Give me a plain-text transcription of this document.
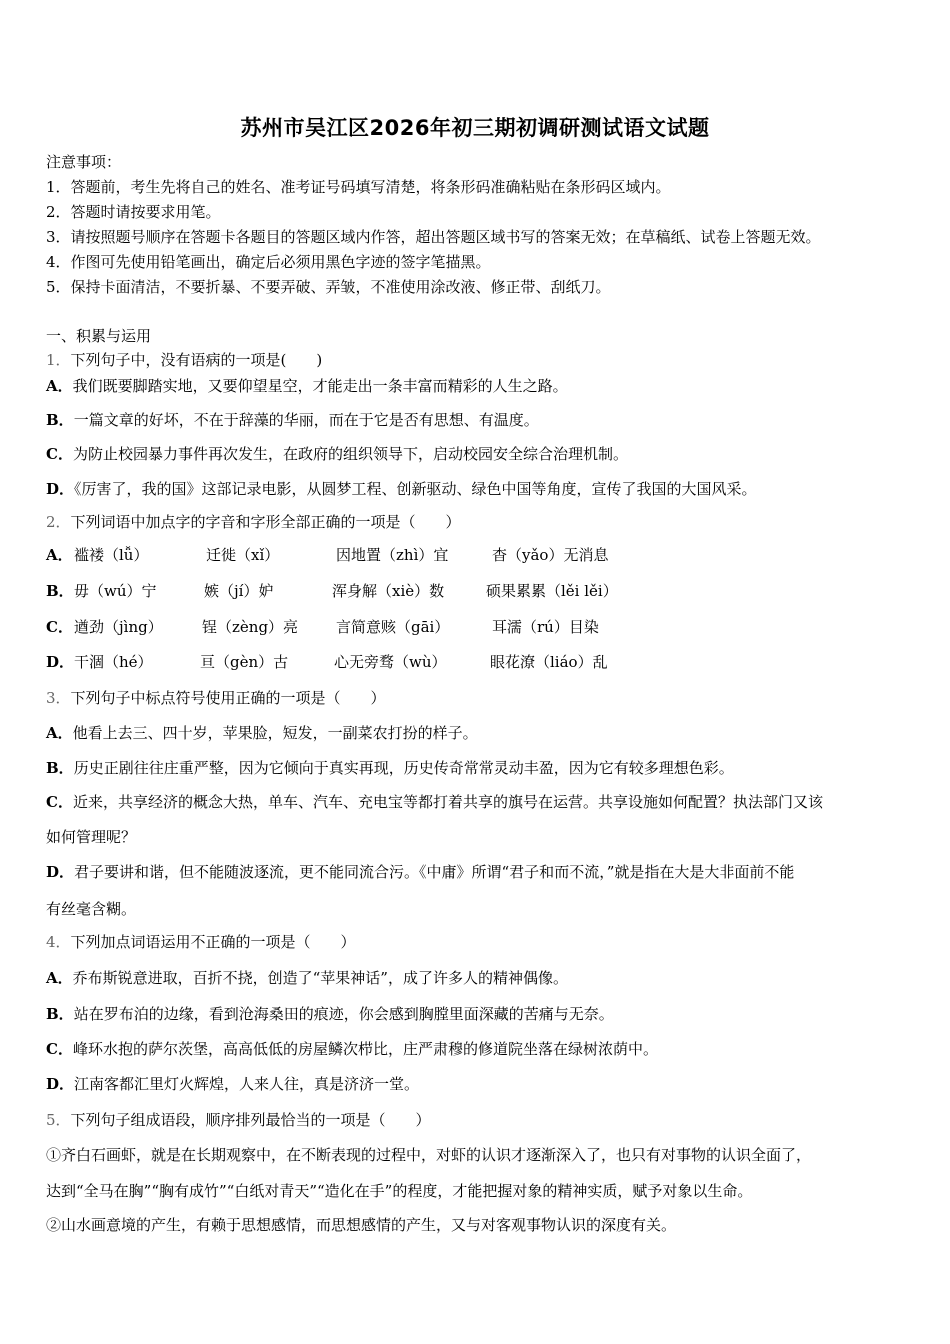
苏州市吴江区2026年初三期初调研测试语文试题
注意事项：
1．答题前，考生先将自己的姓名、准考证号码填写清楚，将条形码准确粘贴在条形码区域内。
2．答题时请按要求用笔。
3．请按照题号顺序在答题卡各题目的答题区域内作答，超出答题区域书写的答案无效；在草稿纸、试卷上答题无效。
4．作图可先使用铅笔画出，确定后必须用黑色字迹的签字笔描黑。
5．保持卡面清洁，不要折暴、不要弄破、弄皱，不准使用涂改液、修正带、刮纸刀。
一、积累与运用
1．下列句子中，没有语病的一项是(　　)
A．我们既要脚踏实地，又要仰望星空，才能走出一条丰富而精彩的人生之路。
B．一篇文章的好坏，不在于辞藻的华丽，而在于它是否有思想、有温度。
C．为防止校园暴力事件再次发生，在政府的组织领导下，启动校园安全综合治理机制。
D．《厉害了，我的国》这部记录电影，从圆梦工程、创新驱动、绿色中国等角度，宣传了我国的大国风采。
2．下列词语中加点字的字音和字形全部正确的一项是（　　）
A． 褴褛（lǚ）	迁徙（xǐ）	因地置（zhì）宜	杳（yǎo）无消息
B． 毋（wú）宁	嫉（jí）妒	浑身解（xiè）数	硕果累累（lěi lěi）
C． 遒劲（jìng）	锃（zèng）亮	言简意赅（gāi）	耳濡（rú）目染
D． 干涸（hé）	亘（gèn）古	心无旁骛（wù）	眼花潦（liáo）乱
3．下列句子中标点符号使用正确的一项是（　　）
A．他看上去三、四十岁，苹果脸，短发，一副菜农打扮的样子。
B．历史正剧往往庄重严整，因为它倾向于真实再现，历史传奇常常灵动丰盈，因为它有较多理想色彩。
C．近来，共享经济的概念大热，单车、汽车、充电宝等都打着共享的旗号在运营。共享设施如何配置？执法部门又该
如何管理呢？
D．君子要讲和谐，但不能随波逐流，更不能同流合污。《中庸》所谓“君子和而不流，”就是指在大是大非面前不能
有丝毫含糊。
4．下列加点词语运用不正确的一项是（　　）
A．乔布斯锐意进取，百折不挠，创造了“苹果神话”，成了许多人的精神偶像。
B．站在罗布泊的边缘，看到沧海桑田的痕迹，你会感到胸膛里面深藏的苦痛与无奈。
C．峰环水抱的萨尔茨堡，高高低低的房屋鳞次栉比，庄严肃穆的修道院坐落在绿树浓荫中。
D．江南客都汇里灯火辉煌，人来人往，真是济济一堂。
5．下列句子组成语段，顺序排列最恰当的一项是（　　）
①齐白石画虾，就是在长期观察中，在不断表现的过程中，对虾的认识才逐渐深入了，也只有对事物的认识全面了，
达到“全马在胸”“胸有成竹”“白纸对青天”“造化在手”的程度，才能把握对象的精神实质，赋予对象以生命。
②山水画意境的产生，有赖于思想感情，而思想感情的产生，又与对客观事物认识的深度有关。
